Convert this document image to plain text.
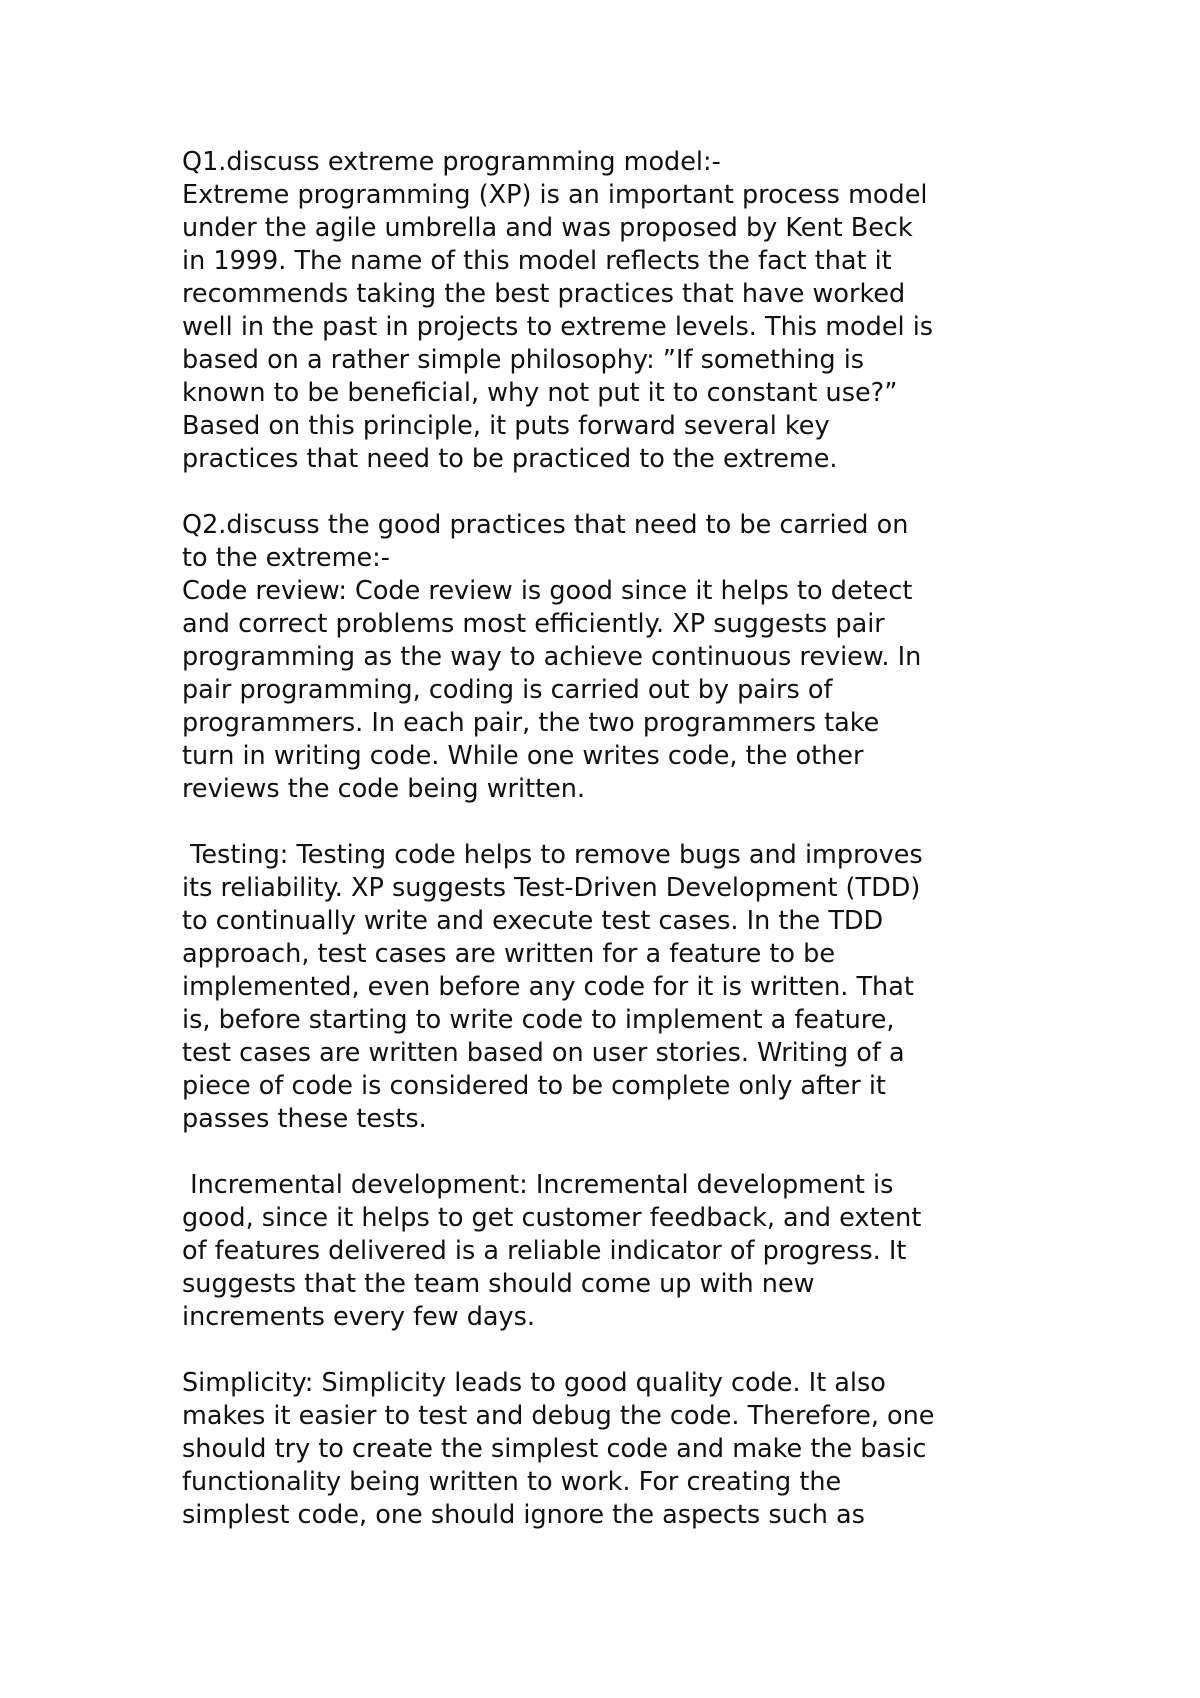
Q1.discuss extreme programming model:-
Extreme programming (XP) is an important process model
under the agile umbrella and was proposed by Kent Beck
in 1999. The name of this model reflects the fact that it
recommends taking the best practices that have worked
well in the past in projects to extreme levels. This model is
based on a rather simple philosophy: ”If something is
known to be beneficial, why not put it to constant use?”
Based on this principle, it puts forward several key
practices that need to be practiced to the extreme.
Q2.discuss the good practices that need to be carried on
to the extreme:-
Code review: Code review is good since it helps to detect
and correct problems most efficiently. XP suggests pair
programming as the way to achieve continuous review. In
pair programming, coding is carried out by pairs of
programmers. In each pair, the two programmers take
turn in writing code. While one writes code, the other
reviews the code being written.
Testing: Testing code helps to remove bugs and improves
its reliability. XP suggests Test-Driven Development (TDD)
to continually write and execute test cases. In the TDD
approach, test cases are written for a feature to be
implemented, even before any code for it is written. That
is, before starting to write code to implement a feature,
test cases are written based on user stories. Writing of a
piece of code is considered to be complete only after it
passes these tests.
Incremental development: Incremental development is
good, since it helps to get customer feedback, and extent
of features delivered is a reliable indicator of progress. It
suggests that the team should come up with new
increments every few days.
Simplicity: Simplicity leads to good quality code. It also
makes it easier to test and debug the code. Therefore, one
should try to create the simplest code and make the basic
functionality being written to work. For creating the
simplest code, one should ignore the aspects such as
